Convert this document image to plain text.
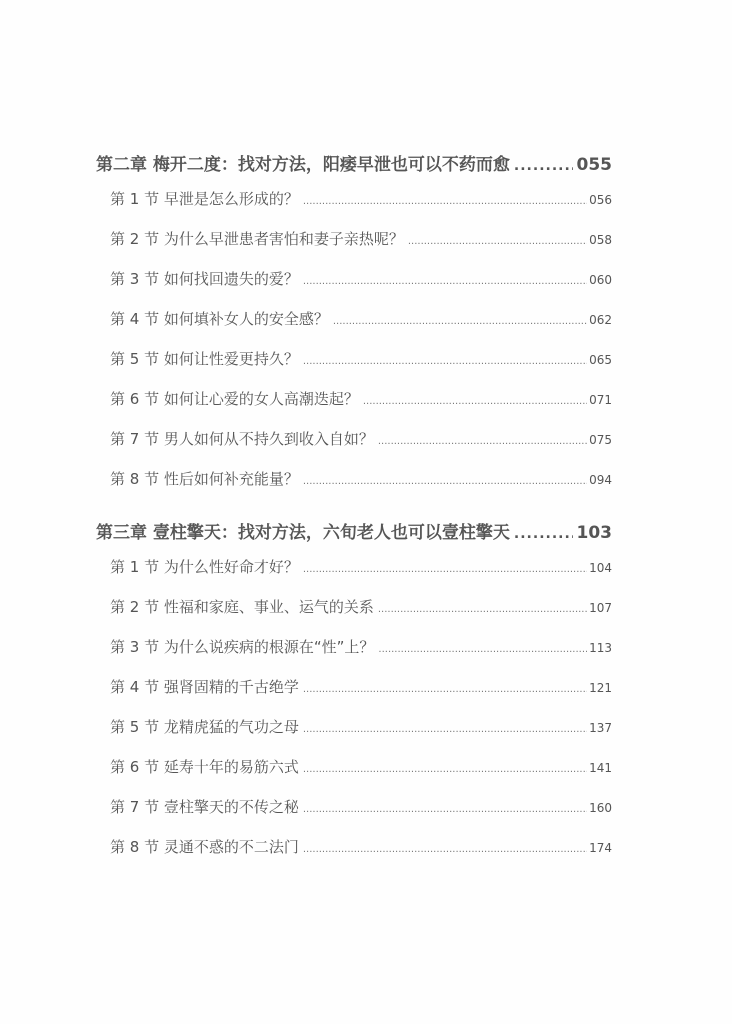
第二章 梅开二度：找对方法，阳痿早泄也可以不药而愈 .....	055
第 1 节 早泄是怎么形成的？ .....	056
第 2 节 为什么早泄患者害怕和妻子亲热呢？ .....	058
第 3 节 如何找回遗失的爱？ .....	060
第 4 节 如何填补女人的安全感？ .....	062
第 5 节 如何让性爱更持久？ .....	065
第 6 节 如何让心爱的女人高潮迭起？ .....	071
第 7 节 男人如何从不持久到收入自如？ .....	075
第 8 节 性后如何补充能量？ .....	094
第三章 壹柱擎天：找对方法，六旬老人也可以壹柱擎天 .....	103
第 1 节 为什么性好命才好？ .....	104
第 2 节 性福和家庭、事业、运气的关系 .....	107
第 3 节 为什么说疾病的根源在“性”上？ .....	113
第 4 节 强肾固精的千古绝学 .....	121
第 5 节 龙精虎猛的气功之母 .....	137
第 6 节 延寿十年的易筋六式 .....	141
第 7 节 壹柱擎天的不传之秘 .....	160
第 8 节 灵通不惑的不二法门 .....	174
